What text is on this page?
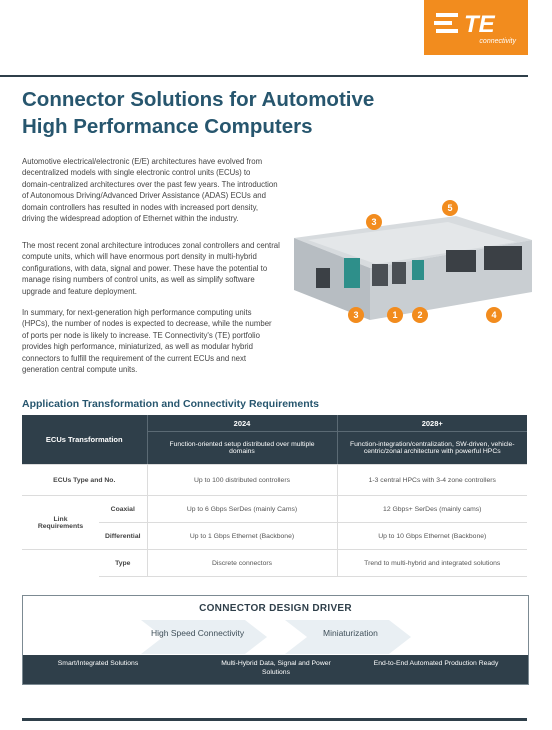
TE
connectivity
Connector Solutions for Automotive
High Performance Computers

Automotive electrical/electronic (E/E) architectures have evolved from decentralized models with single electronic control units (ECUs) to domain-centralized architectures over the past few years. The introduction of Autonomous Driving/Advanced Driver Assistance (ADAS) ECUs and domain controllers has resulted in nodes with increased port density, driving the widespread adoption of Ethernet within the industry.

The most recent zonal architecture introduces zonal controllers and central compute units, which will have enormous port density in multi-hybrid configurations, with data, signal and power. These have the potential to manage rising numbers of control units, as well as simplify software upgrade and feature deployment.

In summary, for next-generation high performance computing units (HPCs), the number of nodes is expected to decrease, while the number of ports per node is likely to increase. TE Connectivity's (TE) portfolio provides high performance, miniaturized, as well as modular hybrid connectors to fulfill the requirement of the current ECUs and next generation central compute units.

3
5
3	1	2	4
Application Transformation and Connectivity Requirements
ECUs Transformation		2024	2028+
		Function-oriented setup distributed over multiple domains	Function-integration/centralization, SW-driven, vehicle-centric/zonal architecture with powerful HPCs
ECUs Type and No.		Up to 100 distributed controllers	1-3 central HPCs with 3-4 zone controllers
Link Requirements	Coaxial	Up to 6 Gbps SerDes (mainly Cams)	12 Gbps+ SerDes (mainly cams)
	Differential	Up to 1 Gbps Ethernet (Backbone)	Up to 10 Gbps Ethernet (Backbone)
	Type	Discrete connectors	Trend to multi-hybrid and integrated solutions
CONNECTOR DESIGN DRIVER
High Speed Connectivity	Miniaturization
Smart/Integrated Solutions	Multi-Hybrid Data, Signal and Power Solutions
End-to-End Automated Production Ready
